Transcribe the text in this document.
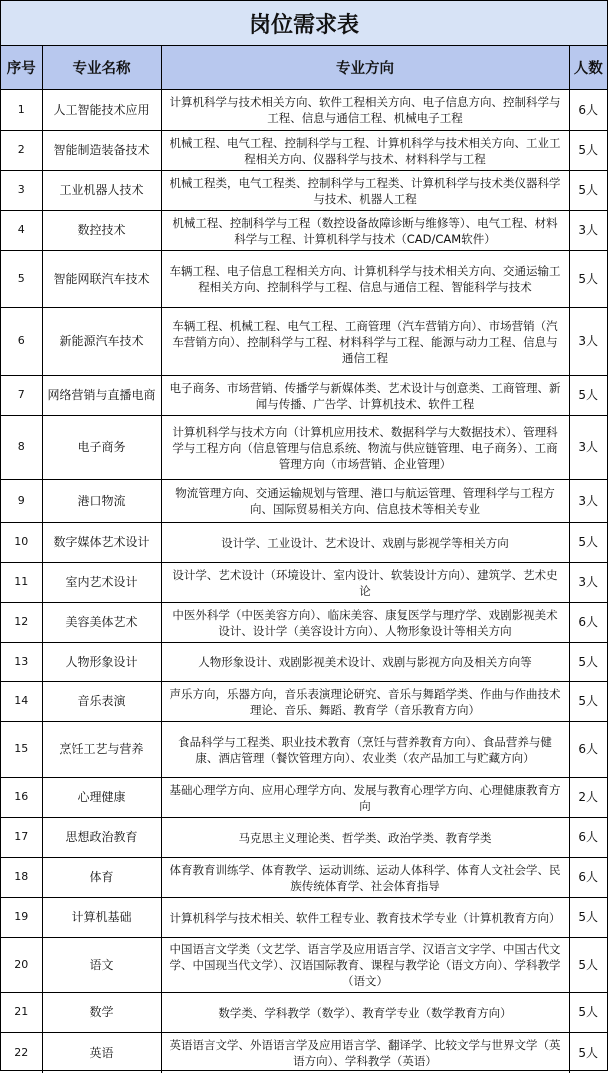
岗位需求表
序号	专业名称	专业方向	人数
1	人工智能技术应用	计算机科学与技术相关方向、软件工程相关方向、电子信息方向、控制科学与工程、信息与通信工程、机械电子工程	6人
2	智能制造装备技术	机械工程、电气工程、控制科学与工程、计算机科学与技术相关方向、工业工程相关方向、仪器科学与技术、材料科学与工程	5人
3	工业机器人技术	机械工程类，电气工程类、控制科学与工程类、计算机科学与技术类仪器科学与技术、机器人工程	5人
4	数控技术	机械工程、控制科学与工程（数控设备故障诊断与维修等）、电气工程、材料科学与工程、计算机科学与技术（CAD/CAM软件）	3人
5	智能网联汽车技术	车辆工程、电子信息工程相关方向、计算机科学与技术相关方向、交通运输工程相关方向、控制科学与工程、信息与通信工程、智能科学与技术	5人
6	新能源汽车技术	车辆工程、机械工程、电气工程、工商管理（汽车营销方向）、市场营销（汽车营销方向）、控制科学与工程、材料科学与工程、能源与动力工程、信息与通信工程	3人
7	网络营销与直播电商	电子商务、市场营销、传播学与新媒体类、艺术设计与创意类、工商管理、新闻与传播、广告学、计算机技术、软件工程	5人
8	电子商务	计算机科学与技术方向（计算机应用技术、数据科学与大数据技术）、管理科学与工程方向（信息管理与信息系统、物流与供应链管理、电子商务）、工商管理方向（市场营销、企业管理）	3人
9	港口物流	物流管理方向、交通运输规划与管理、港口与航运管理、管理科学与工程方向、国际贸易相关方向、信息技术等相关专业	3人
10	数字媒体艺术设计	设计学、工业设计、艺术设计、戏剧与影视学等相关方向	5人
11	室内艺术设计	设计学、艺术设计（环境设计、室内设计、软装设计方向）、建筑学、艺术史论	3人
12	美容美体艺术	中医外科学（中医美容方向）、临床美容、康复医学与理疗学、戏剧影视美术设计、设计学（美容设计方向）、人物形象设计等相关方向	6人
13	人物形象设计	人物形象设计、戏剧影视美术设计、戏剧与影视方向及相关方向等	5人
14	音乐表演	声乐方向，乐器方向，音乐表演理论研究、音乐与舞蹈学类、作曲与作曲技术理论、音乐、舞蹈、教育学（音乐教育方向）	5人
15	烹饪工艺与营养	食品科学与工程类、职业技术教育（烹饪与营养教育方向）、食品营养与健康、酒店管理（餐饮管理方向）、农业类（农产品加工与贮藏方向）	6人
16	心理健康	基础心理学方向、应用心理学方向、发展与教育心理学方向、心理健康教育方向	2人
17	思想政治教育	马克思主义理论类、哲学类、政治学类、教育学类	6人
18	体育	体育教育训练学、体育教学、运动训练、运动人体科学、体育人文社会学、民族传统体育学、社会体育指导	6人
19	计算机基础	计算机科学与技术相关、软件工程专业、教育技术学专业（计算机教育方向）	5人
20	语文	中国语言文学类（文艺学、语言学及应用语言学、汉语言文字学、中国古代文学、中国现当代文学）、汉语国际教育、课程与教学论（语文方向）、学科教学（语文）	5人
21	数学	数学类、学科教学（数学）、教育学专业（数学教育方向）	5人
22	英语	英语语言文学、外语语言学及应用语言学、翻译学、比较文学与世界文学（英语方向）、学科教学（英语）	5人
